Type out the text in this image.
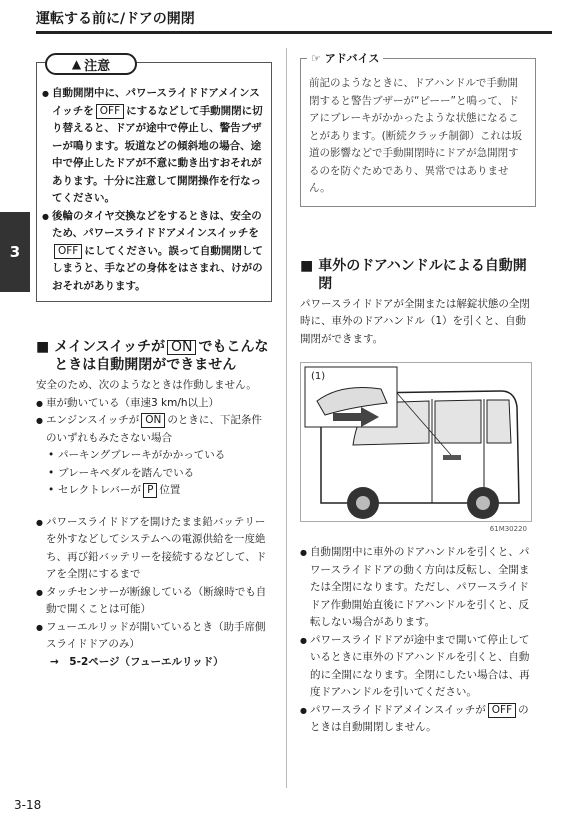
運転する前に/ドアの開閉
3
▲ 注意

● 自動開閉中に、パワースライドドアメインスイッチを OFF にするなどして手動開閉に切り替えると、ドアが途中で停止し、警告ブザーが鳴ります。坂道などの傾斜地の場合、途中で停止したドアが不意に動き出すおそれがあります。十分に注意して開閉操作を行なってください。

● 後輪のタイヤ交換などをするときは、安全のため、パワースライドドアメインスイッチをOFF にしてください。誤って自動開閉してしまうと、手などの身体をはさまれ、けがのおそれがあります。

■ メインスイッチが ON でもこんなときは自動開閉ができません

安全のため、次のようなときは作動しません。

● 車が動いている（車速3 km/h以上）

● エンジンスイッチが ON のときに、下記条件のいずれもみたさない場合

• パーキングブレーキがかかっている

• ブレーキペダルを踏んでいる

• セレクトレバーが P 位置

● パワースライドドアを開けたまま鉛バッテリーを外すなどしてシステムへの電源供給を一度絶ち、再び鉛バッテリーを接続するなどして、ドアを全閉にするまで

● タッチセンサーが断線している（断線時でも自動で開くことは可能）

● フューエルリッドが開いているとき（助手席側スライドドアのみ）

→　5-2ページ（フューエルリッド）

☞ アドバイス

前記のようなときに、ドアハンドルで手動開閉すると警告ブザーが“ピーー”と鳴って、ドアにブレーキがかかったような状態になることがあります。(断続クラッチ制御）これは坂道の影響などで手動開閉時にドアが急開閉するのを防ぐためであり、異常ではありません。

■ 車外のドアハンドルによる自動開閉

パワースライドドアが全開または解錠状態の全閉時に、車外のドアハンドル（1）を引くと、自動開閉ができます。

(1)
61M30220

● 自動開閉中に車外のドアハンドルを引くと、パワースライドドアの動く方向は反転し、全開または全閉になります。ただし、パワースライドドア作動開始直後にドアハンドルを引くと、反転しない場合があります。

● パワースライドドアが途中まで開いて停止しているときに車外のドアハンドルを引くと、自動的に全開になります。全閉にしたい場合は、再度ドアハンドルを引いてください。

● パワースライドドアメインスイッチが OFF のときは自動開閉しません。

3-18
